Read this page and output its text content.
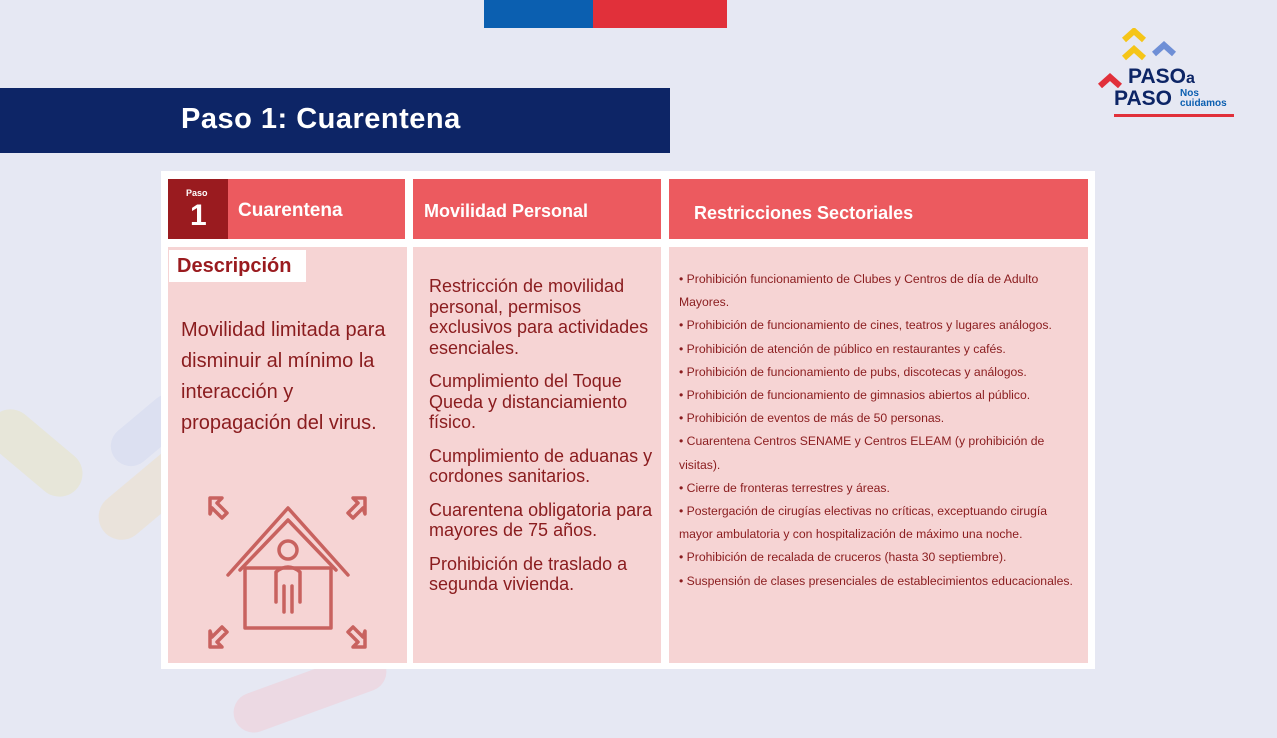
Paso 1: Cuarentena
PASOa
PASO Nos
cuidamos
Paso
1 Cuarentena	Movilidad Personal	Restricciones Sectoriales
Descripción
Movilidad limitada para disminuir al mínimo la interacción y propagación del virus.

Restricción de movilidad personal, permisos exclusivos para actividades esenciales.

Cumplimiento del Toque Queda y distanciamiento físico.

Cumplimiento de aduanas y cordones sanitarios.

Cuarentena obligatoria para mayores de 75 años.

Prohibición de traslado a segunda vivienda.

• Prohibición funcionamiento de Clubes y Centros de día de Adulto Mayores.
• Prohibición de funcionamiento de cines, teatros y lugares análogos.
• Prohibición de atención de público en restaurantes y cafés.
• Prohibición de funcionamiento de pubs, discotecas y análogos.
• Prohibición de funcionamiento de gimnasios abiertos al público.
• Prohibición de eventos de más de 50 personas.
• Cuarentena Centros SENAME y Centros ELEAM (y prohibición de visitas).
• Cierre de fronteras terrestres y áreas.
• Postergación de cirugías electivas no críticas, exceptuando cirugía mayor ambulatoria y con hospitalización de máximo una noche.
• Prohibición de recalada de cruceros (hasta 30 septiembre).
• Suspensión de clases presenciales de establecimientos educacionales.
